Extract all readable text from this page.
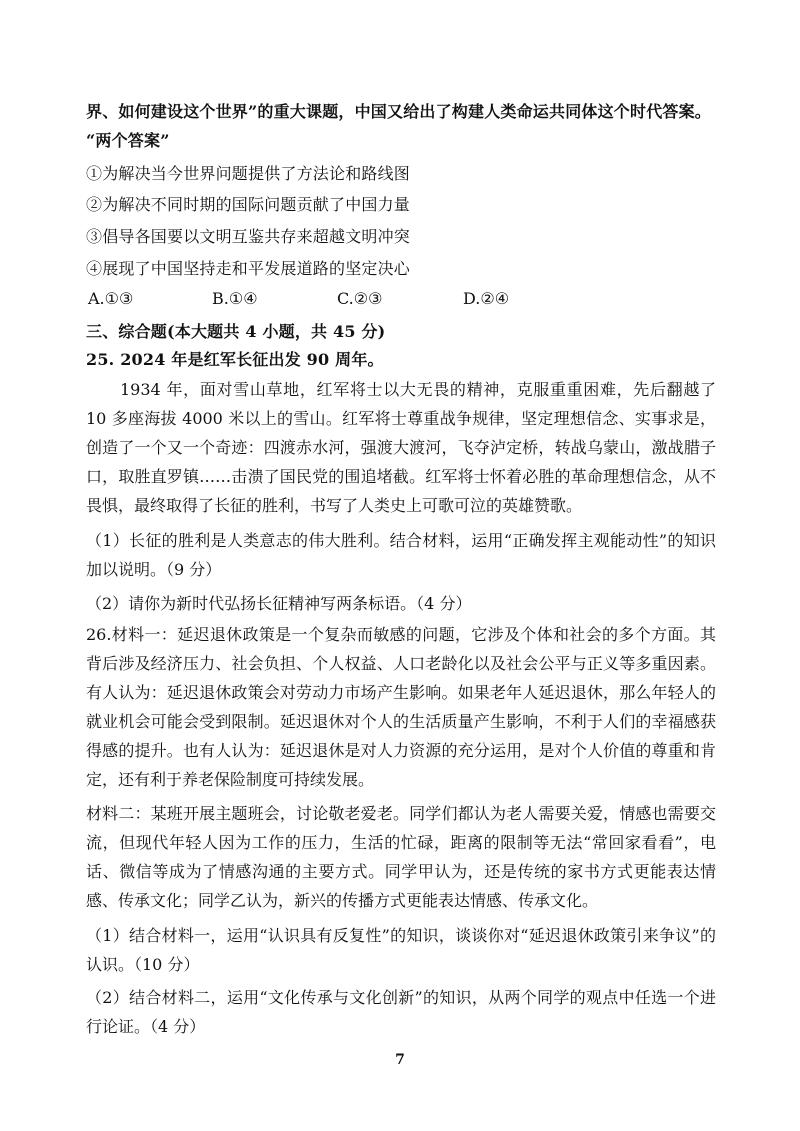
界、如何建设这个世界”的重大课题，中国又给出了构建人类命运共同体这个时代答案。
“两个答案”
①为解决当今世界问题提供了方法论和路线图
②为解决不同时期的国际问题贡献了中国力量
③倡导各国要以文明互鉴共存来超越文明冲突
④展现了中国坚持走和平发展道路的坚定决心
A.①③	B.①④	C.②③	D.②④
三、综合题(本大题共 4 小题，共 45 分)
25. 2024 年是红军长征出发 90 周年。
1934 年，面对雪山草地，红军将士以大无畏的精神，克服重重困难，先后翻越了 10 多座海拔 4000 米以上的雪山。红军将士尊重战争规律，坚定理想信念、实事求是，创造了一个又一个奇迹：四渡赤水河，强渡大渡河，飞夺泸定桥，转战乌蒙山，激战腊子口，取胜直罗镇……击溃了国民党的围追堵截。红军将士怀着必胜的革命理想信念，从不畏惧，最终取得了长征的胜利，书写了人类史上可歌可泣的英雄赞歌。
（1）长征的胜利是人类意志的伟大胜利。结合材料，运用“正确发挥主观能动性”的知识加以说明。（9 分）
（2）请你为新时代弘扬长征精神写两条标语。（4 分）
26.材料一：延迟退休政策是一个复杂而敏感的问题，它涉及个体和社会的多个方面。其背后涉及经济压力、社会负担、个人权益、人口老龄化以及社会公平与正义等多重因素。有人认为：延迟退休政策会对劳动力市场产生影响。如果老年人延迟退休，那么年轻人的就业机会可能会受到限制。延迟退休对个人的生活质量产生影响，不利于人们的幸福感获得感的提升。也有人认为：延迟退休是对人力资源的充分运用，是对个人价值的尊重和肯定，还有利于养老保险制度可持续发展。
材料二：某班开展主题班会，讨论敬老爱老。同学们都认为老人需要关爱，情感也需要交流，但现代年轻人因为工作的压力，生活的忙碌，距离的限制等无法“常回家看看”，电话、微信等成为了情感沟通的主要方式。同学甲认为，还是传统的家书方式更能表达情感、传承文化；同学乙认为，新兴的传播方式更能表达情感、传承文化。
（1）结合材料一，运用“认识具有反复性”的知识，谈谈你对“延迟退休政策引来争议”的认识。（10 分）
（2）结合材料二，运用“文化传承与文化创新”的知识，从两个同学的观点中任选一个进行论证。（4 分）
7
